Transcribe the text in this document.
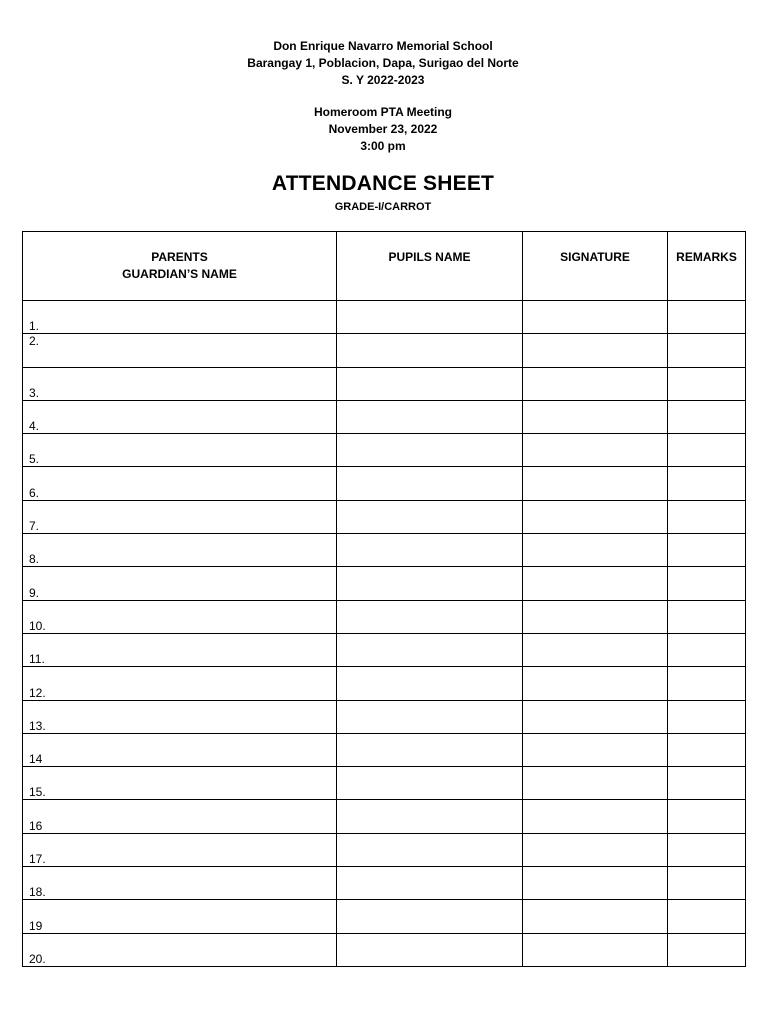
Don Enrique Navarro Memorial School
Barangay 1, Poblacion, Dapa, Surigao del Norte
S. Y 2022-2023
Homeroom PTA Meeting
November 23, 2022
3:00 pm
ATTENDANCE SHEET
GRADE-I/CARROT
PARENTS
GUARDIAN’S NAME	PUPILS NAME	SIGNATURE	REMARKS

1.			
2.			
3.			
4.			
5.			
6.			
7.			
8.			
9.			
10.			
11.			
12.			
13.			
14			
15.			
16			
17.			
18.			
19			
20.			
